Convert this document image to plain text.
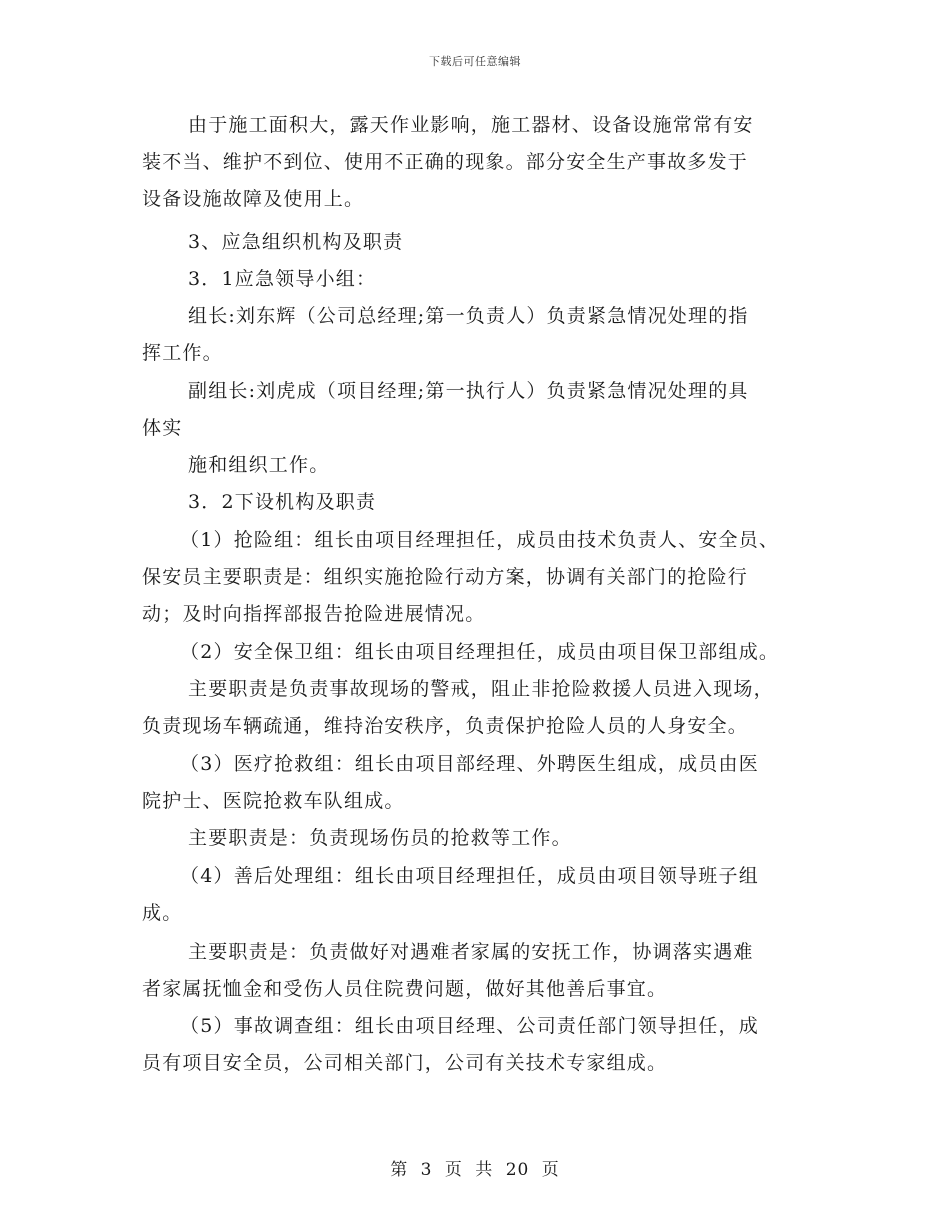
下载后可任意编辑
由于施工面积大，露天作业影响，施工器材、设备设施常常有安
装不当、维护不到位、使用不正确的现象。部分安全生产事故多发于
设备设施故障及使用上。
3、应急组织机构及职责
3．1应急领导小组：
组长:刘东辉（公司总经理;第一负责人）负责紧急情况处理的指
挥工作。
副组长:刘虎成（项目经理;第一执行人）负责紧急情况处理的具
体实
施和组织工作。
3．2下设机构及职责
（1）抢险组：组长由项目经理担任，成员由技术负责人、安全员、
保安员主要职责是：组织实施抢险行动方案，协调有关部门的抢险行
动；及时向指挥部报告抢险进展情况。
（2）安全保卫组：组长由项目经理担任，成员由项目保卫部组成。
主要职责是负责事故现场的警戒，阻止非抢险救援人员进入现场，
负责现场车辆疏通，维持治安秩序，负责保护抢险人员的人身安全。
（3）医疗抢救组：组长由项目部经理、外聘医生组成，成员由医
院护士、医院抢救车队组成。
主要职责是：负责现场伤员的抢救等工作。
（4）善后处理组：组长由项目经理担任，成员由项目领导班子组
成。
主要职责是：负责做好对遇难者家属的安抚工作，协调落实遇难
者家属抚恤金和受伤人员住院费问题，做好其他善后事宜。
（5）事故调查组：组长由项目经理、公司责任部门领导担任，成
员有项目安全员，公司相关部门，公司有关技术专家组成。
第 3 页 共 20 页
